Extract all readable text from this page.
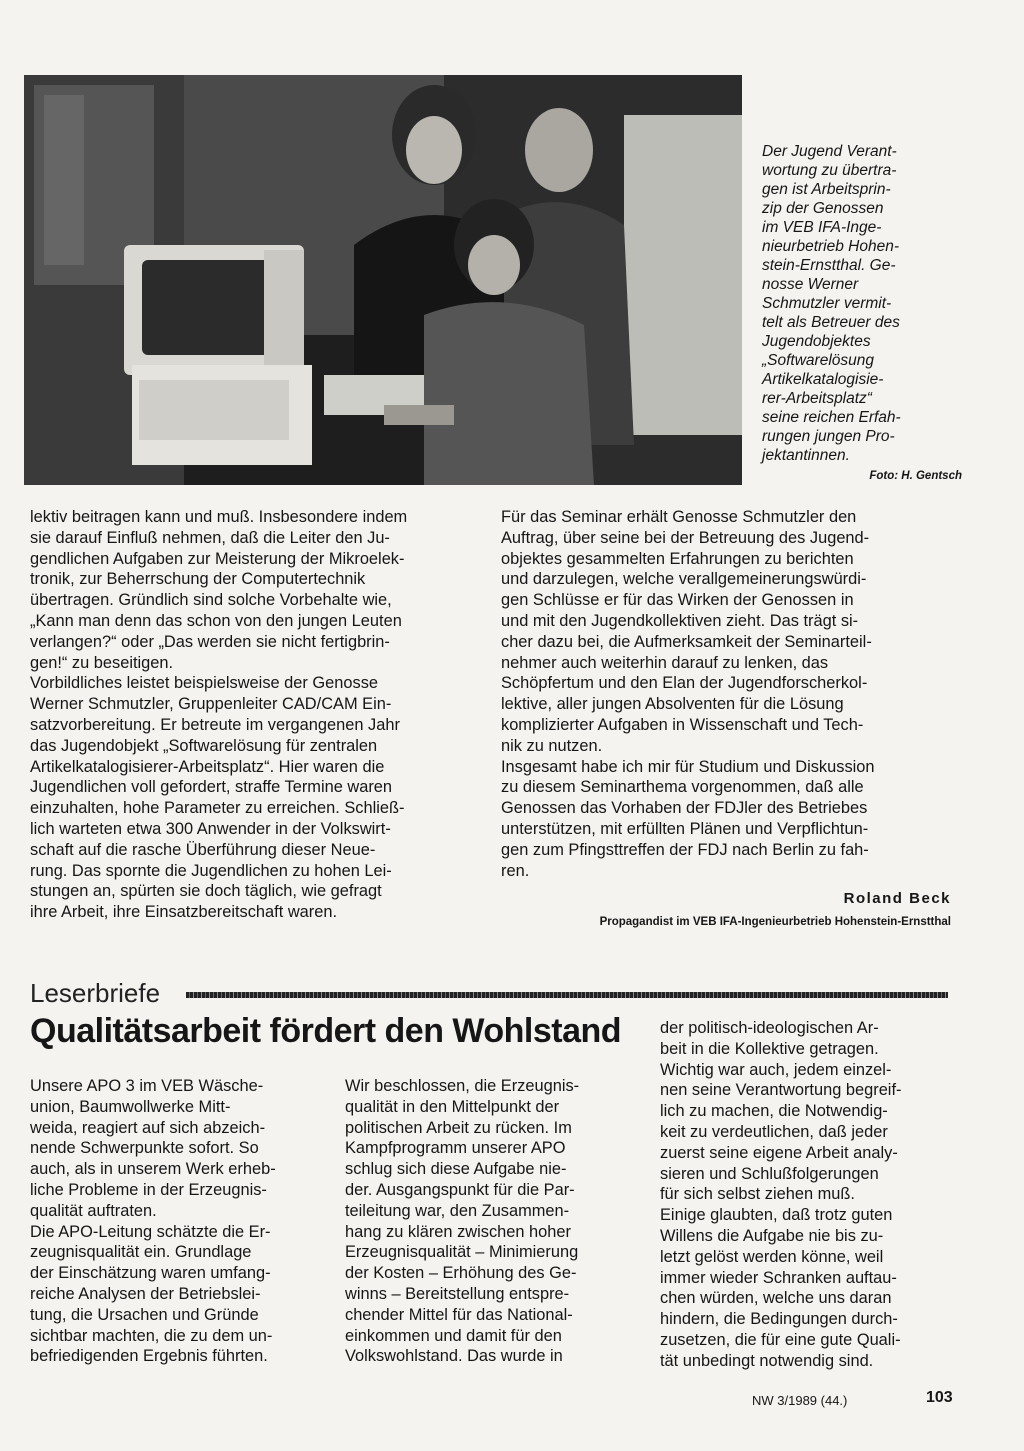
Der Jugend Verant-
wortung zu übertra-
gen ist Arbeitsprin-
zip der Genossen
im VEB IFA-Inge-
nieurbetrieb Hohen-
stein-Ernstthal. Ge-
nosse Werner
Schmutzler vermit-
telt als Betreuer des
Jugendobjektes
„Softwarelösung
Artikelkatalogisie-
rer-Arbeitsplatz“
seine reichen Erfah-
rungen jungen Pro-
jektantinnen.

Foto: H. Gentsch

lektiv beitragen kann und muß. Insbesondere indem
sie darauf Einfluß nehmen, daß die Leiter den Ju-
gendlichen Aufgaben zur Meisterung der Mikroelek-
tronik, zur Beherrschung der Computertechnik
übertragen. Gründlich sind solche Vorbehalte wie,
„Kann man denn das schon von den jungen Leuten
verlangen?“ oder „Das werden sie nicht fertigbrin-
gen!“ zu beseitigen.

Vorbildliches leistet beispielsweise der Genosse
Werner Schmutzler, Gruppenleiter CAD/CAM Ein-
satzvorbereitung. Er betreute im vergangenen Jahr
das Jugendobjekt „Softwarelösung für zentralen
Artikelkatalogisierer-Arbeitsplatz“. Hier waren die
Jugendlichen voll gefordert, straffe Termine waren
einzuhalten, hohe Parameter zu erreichen. Schließ-
lich warteten etwa 300 Anwender in der Volkswirt-
schaft auf die rasche Überführung dieser Neue-
rung. Das spornte die Jugendlichen zu hohen Lei-
stungen an, spürten sie doch täglich, wie gefragt
ihre Arbeit, ihre Einsatzbereitschaft waren.

Für das Seminar erhält Genosse Schmutzler den
Auftrag, über seine bei der Betreuung des Jugend-
objektes gesammelten Erfahrungen zu berichten
und darzulegen, welche verallgemeinerungswürdi-
gen Schlüsse er für das Wirken der Genossen in
und mit den Jugendkollektiven zieht. Das trägt si-
cher dazu bei, die Aufmerksamkeit der Seminarteil-
nehmer auch weiterhin darauf zu lenken, das
Schöpfertum und den Elan der Jugendforscherkol-
lektive, aller jungen Absolventen für die Lösung
komplizierter Aufgaben in Wissenschaft und Tech-
nik zu nutzen.

Insgesamt habe ich mir für Studium und Diskussion
zu diesem Seminarthema vorgenommen, daß alle
Genossen das Vorhaben der FDJler des Betriebes
unterstützen, mit erfüllten Plänen und Verpflichtun-
gen zum Pfingsttreffen der FDJ nach Berlin zu fah-
ren.

Roland Beck
Propagandist im VEB IFA-Ingenieurbetrieb Hohenstein-Ernstthal
Leserbriefe
Qualitätsarbeit fördert den Wohlstand

Unsere APO 3 im VEB Wäsche-
union, Baumwollwerke Mitt-
weida, reagiert auf sich abzeich-
nende Schwerpunkte sofort. So
auch, als in unserem Werk erheb-
liche Probleme in der Erzeugnis-
qualität auftraten.

Die APO-Leitung schätzte die Er-
zeugnisqualität ein. Grundlage
der Einschätzung waren umfang-
reiche Analysen der Betriebslei-
tung, die Ursachen und Gründe
sichtbar machten, die zu dem un-
befriedigenden Ergebnis führten.

Wir beschlossen, die Erzeugnis-
qualität in den Mittelpunkt der
politischen Arbeit zu rücken. Im
Kampfprogramm unserer APO
schlug sich diese Aufgabe nie-
der. Ausgangspunkt für die Par-
teileitung war, den Zusammen-
hang zu klären zwischen hoher
Erzeugnisqualität – Minimierung
der Kosten – Erhöhung des Ge-
winns – Bereitstellung entspre-
chender Mittel für das National-
einkommen und damit für den
Volkswohlstand. Das wurde in

der politisch-ideologischen Ar-
beit in die Kollektive getragen.

Wichtig war auch, jedem einzel-
nen seine Verantwortung begreif-
lich zu machen, die Notwendig-
keit zu verdeutlichen, daß jeder
zuerst seine eigene Arbeit analy-
sieren und Schlußfolgerungen
für sich selbst ziehen muß.

Einige glaubten, daß trotz guten
Willens die Aufgabe nie bis zu-
letzt gelöst werden könne, weil
immer wieder Schranken auftau-
chen würden, welche uns daran
hindern, die Bedingungen durch-
zusetzen, die für eine gute Quali-
tät unbedingt notwendig sind.

NW 3/1989 (44.)	103
